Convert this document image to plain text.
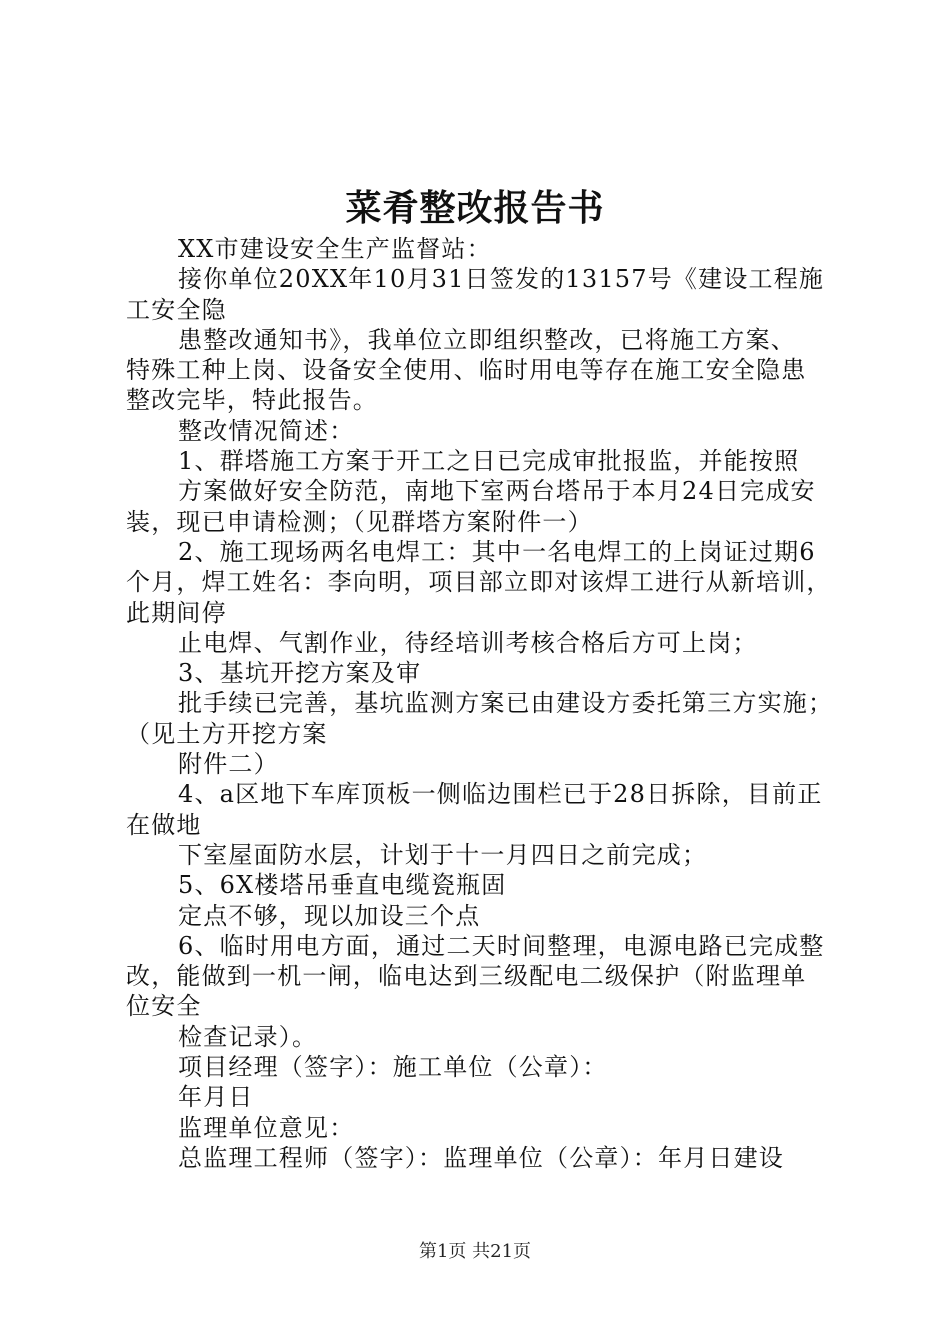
菜肴整改报告书
XX市建设安全生产监督站：
接你单位20XX年10月31日签发的13157号《建设工程施
工安全隐
患整改通知书》，我单位立即组织整改，已将施工方案、
特殊工种上岗、设备安全使用、临时用电等存在施工安全隐患
整改完毕，特此报告。
整改情况简述：
1、群塔施工方案于开工之日已完成审批报监，并能按照
方案做好安全防范，南地下室两台塔吊于本月24日完成安
装，现已申请检测；（见群塔方案附件一）
2、施工现场两名电焊工：其中一名电焊工的上岗证过期6
个月，焊工姓名：李向明，项目部立即对该焊工进行从新培训，
此期间停
止电焊、气割作业，待经培训考核合格后方可上岗；
3、基坑开挖方案及审
批手续已完善，基坑监测方案已由建设方委托第三方实施；
（见土方开挖方案
附件二）
4、a区地下车库顶板一侧临边围栏已于28日拆除，目前正
在做地
下室屋面防水层，计划于十一月四日之前完成；
5、6X楼塔吊垂直电缆瓷瓶固
定点不够，现以加设三个点
6、临时用电方面，通过二天时间整理，电源电路已完成整
改，能做到一机一闸，临电达到三级配电二级保护（附监理单
位安全
检查记录）。
项目经理（签字）：施工单位（公章）：
年月日
监理单位意见：
总监理工程师（签字）：监理单位（公章）：年月日建设
第1页 共21页
